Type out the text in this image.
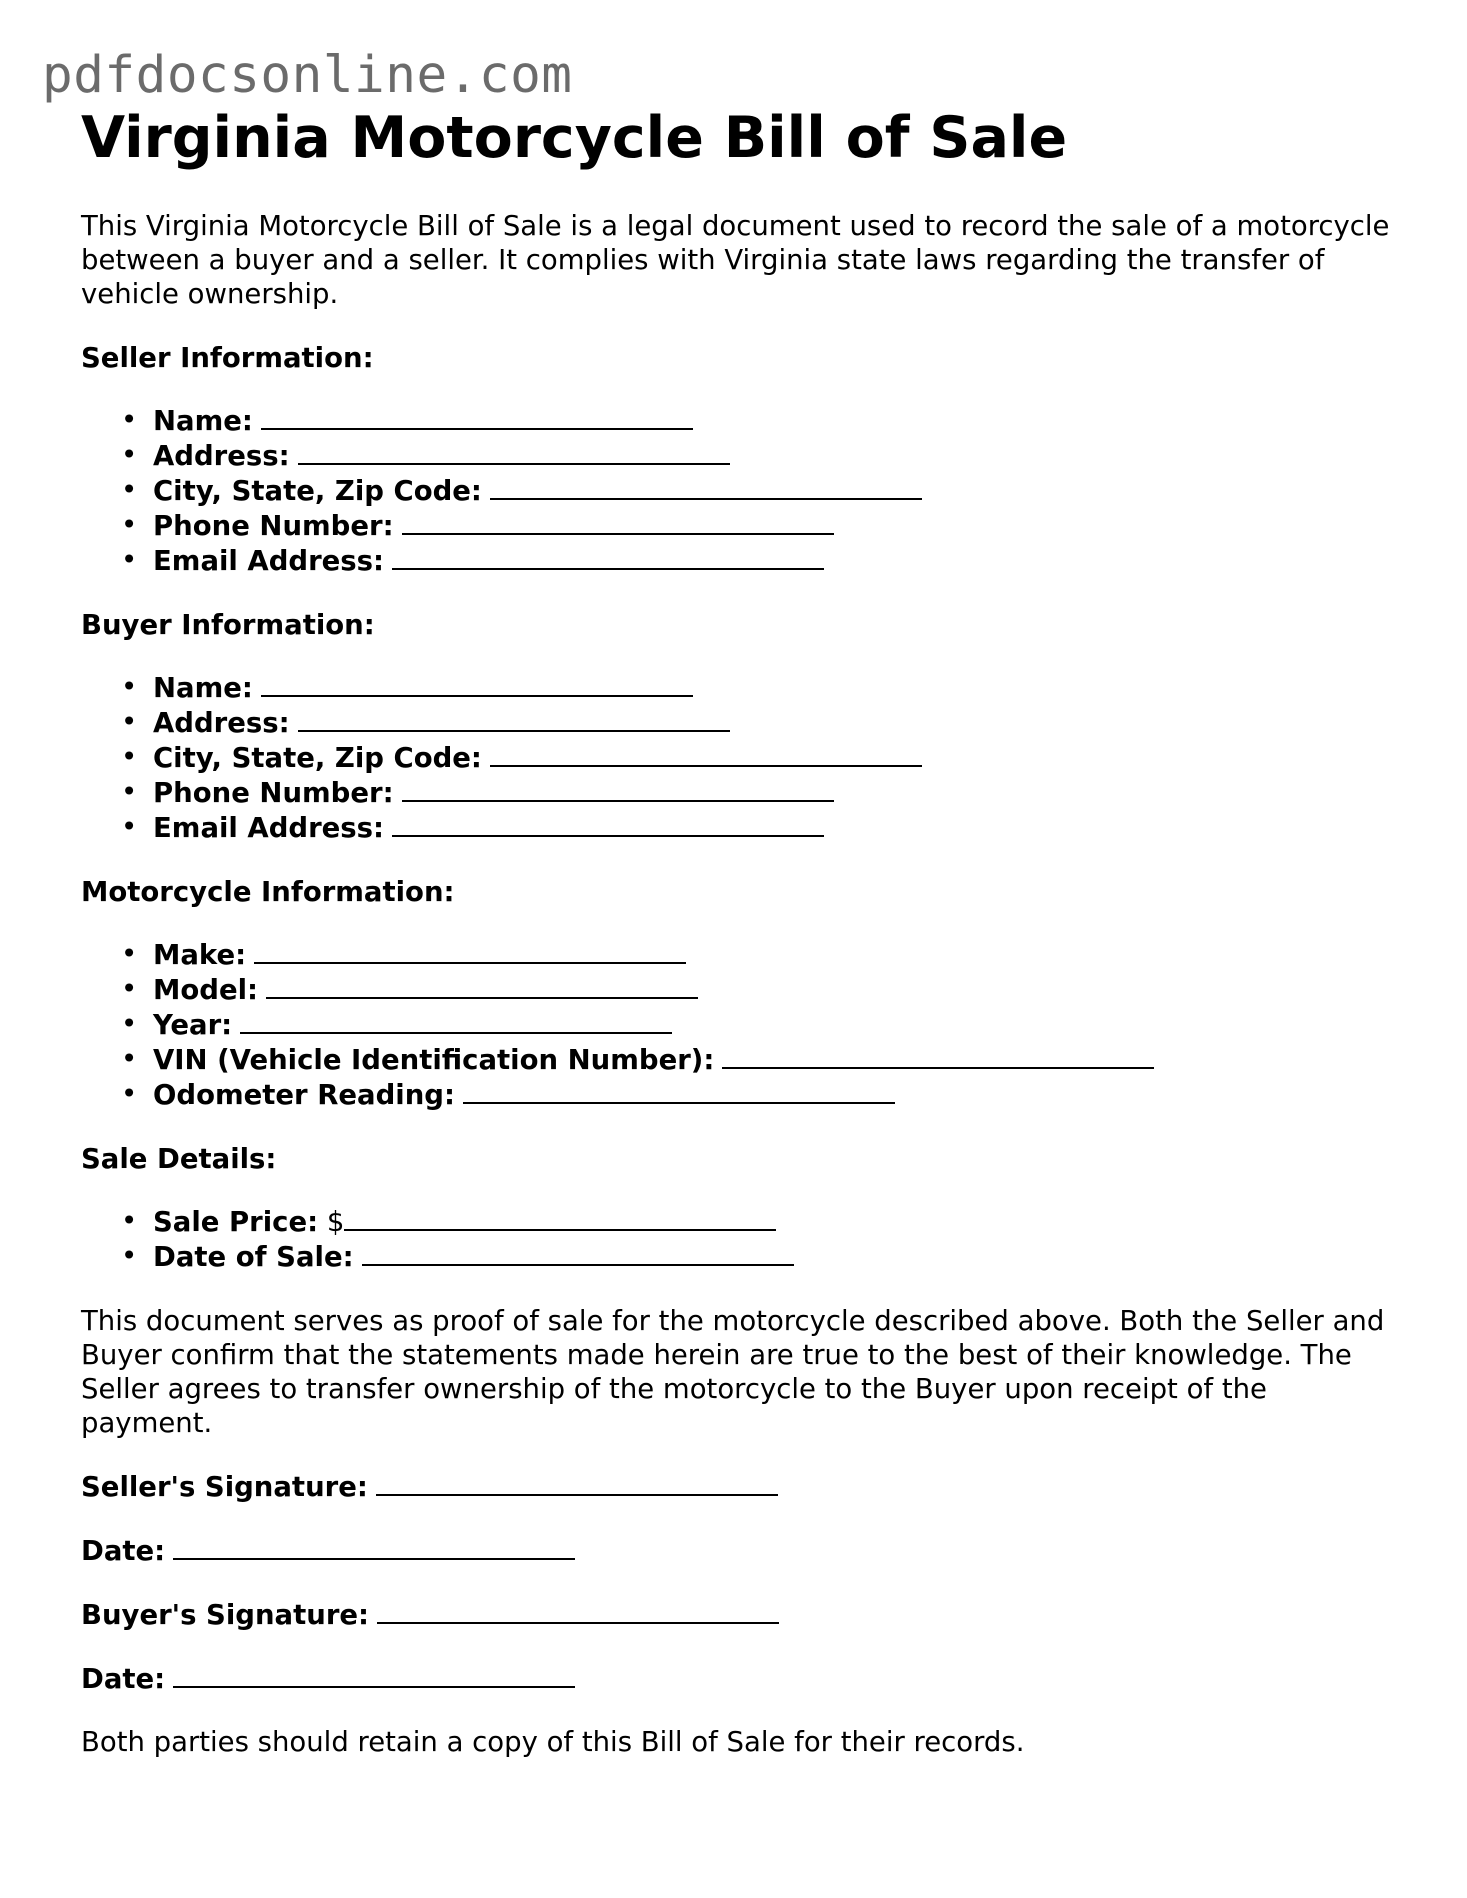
pdfdocsonline.com
Virginia Motorcycle Bill of Sale

This Virginia Motorcycle Bill of Sale is a legal document used to record the sale of a motorcycle between a buyer and a seller. It complies with Virginia state laws regarding the transfer of vehicle ownership.

Seller Information:
• Name:
• Address:
• City, State, Zip Code:
• Phone Number:
• Email Address:
Buyer Information:
• Name:
• Address:
• City, State, Zip Code:
• Phone Number:
• Email Address:
Motorcycle Information:
• Make:
• Model:
• Year:
• VIN (Vehicle Identification Number):
• Odometer Reading:
Sale Details:
• Sale Price: $
• Date of Sale:

This document serves as proof of sale for the motorcycle described above. Both the Seller and Buyer confirm that the statements made herein are true to the best of their knowledge. The Seller agrees to transfer ownership of the motorcycle to the Buyer upon receipt of the payment.

Seller's Signature:
Date:
Buyer's Signature:
Date:

Both parties should retain a copy of this Bill of Sale for their records.
